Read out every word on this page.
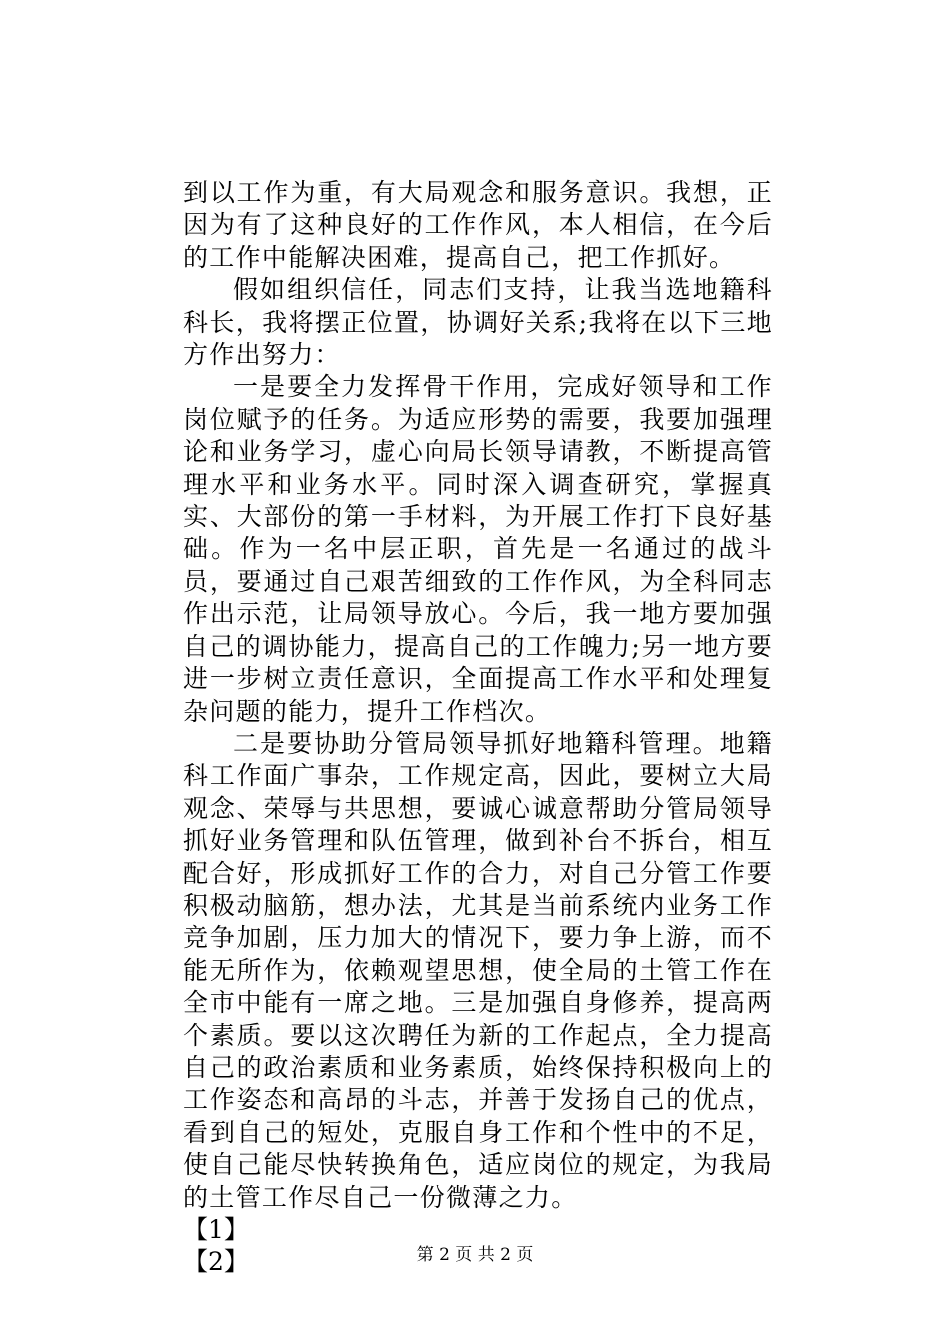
到以工作为重，有大局观念和服务意识。我想，正因为有了这种良好的工作作风，本人相信，在今后的工作中能解决困难，提高自己，把工作抓好。

假如组织信任，同志们支持，让我当选地籍科科长，我将摆正位置，协调好关系;我将在以下三地方作出努力：

一是要全力发挥骨干作用，完成好领导和工作岗位赋予的任务。为适应形势的需要，我要加强理论和业务学习，虚心向局长领导请教，不断提高管理水平和业务水平。同时深入调查研究，掌握真实、大部份的第一手材料，为开展工作打下良好基础。作为一名中层正职，首先是一名通过的战斗员，要通过自己艰苦细致的工作作风，为全科同志作出示范，让局领导放心。今后，我一地方要加强自己的调协能力，提高自己的工作魄力;另一地方要进一步树立责任意识，全面提高工作水平和处理复杂问题的能力，提升工作档次。

二是要协助分管局领导抓好地籍科管理。地籍科工作面广事杂，工作规定高，因此，要树立大局观念、荣辱与共思想，要诚心诚意帮助分管局领导抓好业务管理和队伍管理，做到补台不拆台，相互配合好，形成抓好工作的合力，对自己分管工作要积极动脑筋，想办法，尤其是当前系统内业务工作竞争加剧，压力加大的情况下，要力争上游，而不能无所作为，依赖观望思想，使全局的土管工作在全市中能有一席之地。三是加强自身修养，提高两个素质。要以这次聘任为新的工作起点，全力提高自己的政治素质和业务素质，始终保持积极向上的工作姿态和高昂的斗志，并善于发扬自己的优点，看到自己的短处，克服自身工作和个性中的不足，使自己能尽快转换角色，适应岗位的规定，为我局的土管工作尽自己一份微薄之力。

【1】

【2】	第 2 页 共 2 页
